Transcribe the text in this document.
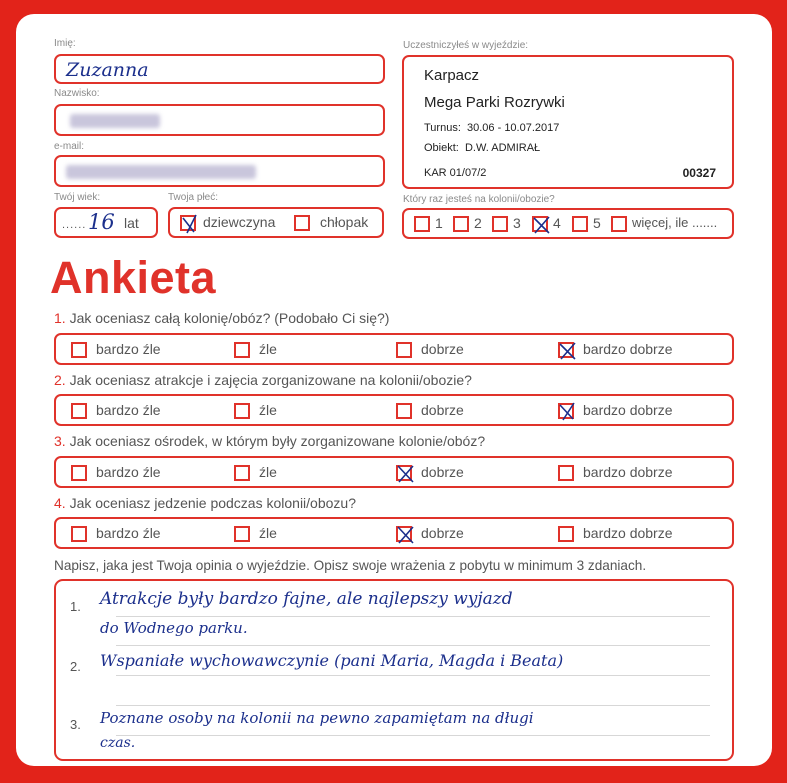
Imię:
Zuzanna
Nazwisko:
e-mail:
Twój wiek:
...... 16 lat
Twoja płeć:
dziewczyna	chłopak
Uczestniczyłeś w wyjeździe:
Karpacz
Mega Parki Rozrywki
Turnus: 30.06 - 10.07.2017
Obiekt: D.W. ADMIRAŁ
KAR 01/07/2	00327
Który raz jesteś na kolonii/obozie?
1 2 3 4 5 więcej, ile .......
Ankieta
1. Jak oceniasz całą kolonię/obóz? (Podobało Ci się?)
bardzo źle	źle	dobrze	bardzo dobrze
2. Jak oceniasz atrakcje i zajęcia zorganizowane na kolonii/obozie?
bardzo źle	źle	dobrze	bardzo dobrze
3. Jak oceniasz ośrodek, w którym były zorganizowane kolonie/obóz?
bardzo źle	źle	dobrze	bardzo dobrze
4. Jak oceniasz jedzenie podczas kolonii/obozu?
bardzo źle	źle	dobrze	bardzo dobrze
Napisz, jaka jest Twoja opinia o wyjeździe. Opisz swoje wrażenia z pobytu w minimum 3 zdaniach.
1.
2.
3.
Atrakcje były bardzo fajne, ale najlepszy wyjazd
do Wodnego parku.
Wspaniałe wychowawczynie (pani Maria, Magda i Beata)
Poznane osoby na kolonii na pewno zapamiętam na długi
czas.
